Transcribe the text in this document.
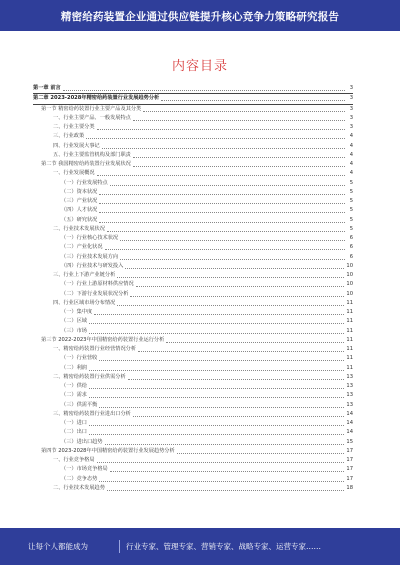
精密给药装置企业通过供应链提升核心竞争力策略研究报告
内容目录
第一章 前言	3
第二章 2023-2028年精密给药装置行业发展趋势分析	3
第一节 精密给药装置行业主要产品及其分类	3
一、行业主要产品、一般发展特点	3
二、行业主要分类	3
三、行业政策	4
四、行业发展大事记	4
五、行业主要监管机构及部门职责	4
第二节 我国精密给药装置行业发展状况	4
一、行业发展概况	4
（一）行业发展特点	5
（二）资本状况	5
（三）产业状况	5
（四）人才状况	5
（五）研究状况	5
二、行业技术发展状况	5
（一）行业核心技术状况	6
（二）产业化状况	6
（三）行业技术发展方向	6
（四）行业技术与研发投入	10
三、行业上下游产业链分析	10
（一）行业上游原材料供应情况	10
（二）下游行业发展状况分析	10
四、行业区域市场分布情况	11
（一）集中度	11
（二）区域	11
（三）市场	11
第三节 2022-2023年中国精密给药装置行业运行分析	11
一、精密给药装置行业经营情况分析	11
（一）行业营收	11
（二）利润	11
二、精密给药装置行业供需分析	13
（一）供给	13
（二）需求	13
（三）供需平衡	13
三、精密给药装置行业进出口分析	14
（一）进口	14
（二）出口	14
（三）进出口趋势	15
第四节 2023-2028年中国精密给药装置行业发展趋势分析	17
一、行业竞争格局	17
（一）市场竞争格局	17
（二）竞争态势	17
二、行业技术发展趋势	18
让每个人都能成为	行业专家、管理专家、营销专家、战略专家、运营专家……
